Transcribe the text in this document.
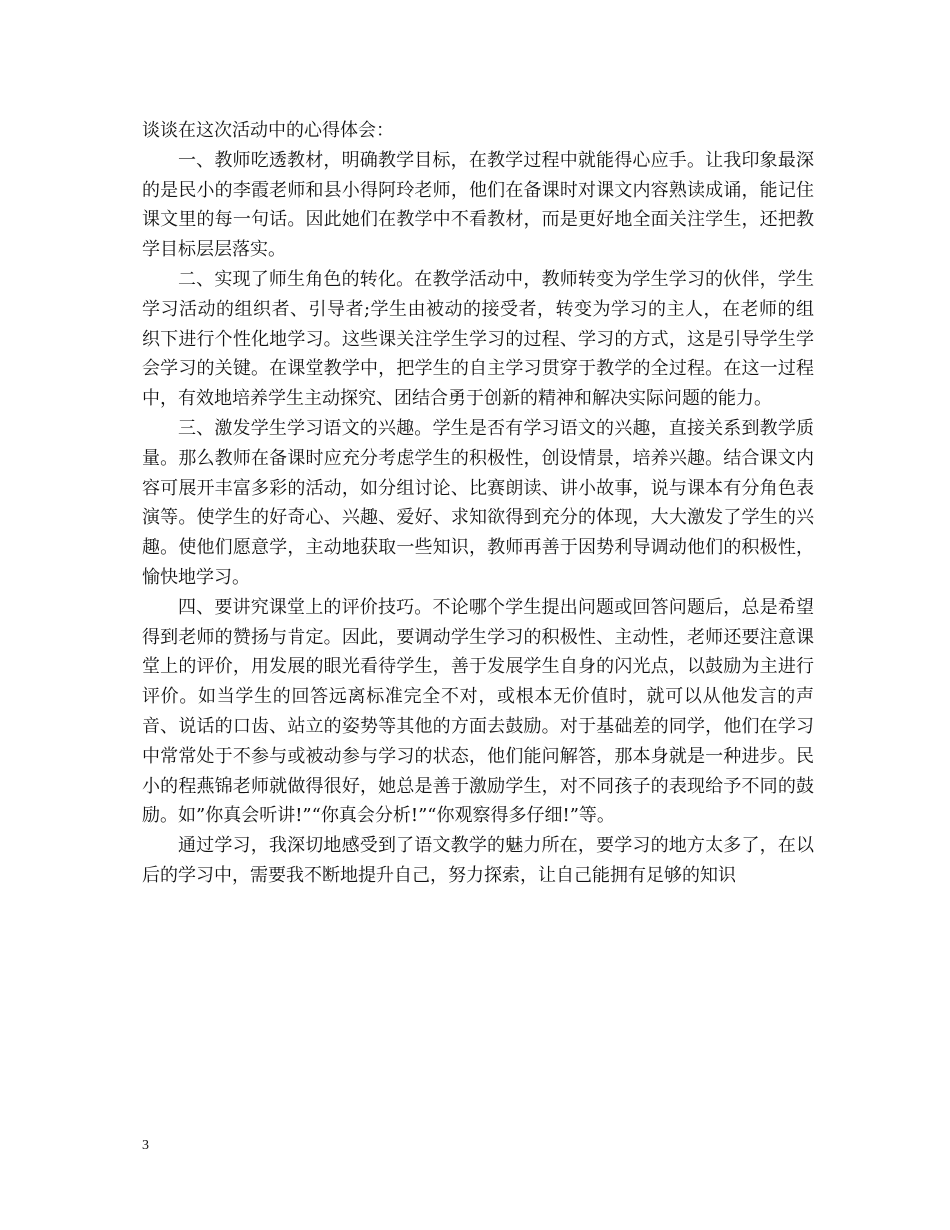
谈谈在这次活动中的心得体会：

一、教师吃透教材，明确教学目标，在教学过程中就能得心应手。让我印象最深的是民小的李霞老师和县小得阿玲老师，他们在备课时对课文内容熟读成诵，能记住课文里的每一句话。因此她们在教学中不看教材，而是更好地全面关注学生，还把教学目标层层落实。

二、实现了师生角色的转化。在教学活动中，教师转变为学生学习的伙伴，学生学习活动的组织者、引导者;学生由被动的接受者，转变为学习的主人，在老师的组织下进行个性化地学习。这些课关注学生学习的过程、学习的方式，这是引导学生学会学习的关键。在课堂教学中，把学生的自主学习贯穿于教学的全过程。在这一过程中，有效地培养学生主动探究、团结合勇于创新的精神和解决实际问题的能力。

三、激发学生学习语文的兴趣。学生是否有学习语文的兴趣，直接关系到教学质量。那么教师在备课时应充分考虑学生的积极性，创设情景，培养兴趣。结合课文内容可展开丰富多彩的活动，如分组讨论、比赛朗读、讲小故事，说与课本有分角色表演等。使学生的好奇心、兴趣、爱好、求知欲得到充分的体现，大大激发了学生的兴趣。使他们愿意学，主动地获取一些知识，教师再善于因势利导调动他们的积极性，愉快地学习。

四、要讲究课堂上的评价技巧。不论哪个学生提出问题或回答问题后，总是希望得到老师的赞扬与肯定。因此，要调动学生学习的积极性、主动性，老师还要注意课堂上的评价，用发展的眼光看待学生，善于发展学生自身的闪光点，以鼓励为主进行评价。如当学生的回答远离标准完全不对，或根本无价值时，就可以从他发言的声音、说话的口齿、站立的姿势等其他的方面去鼓励。对于基础差的同学，他们在学习中常常处于不参与或被动参与学习的状态，他们能问解答，那本身就是一种进步。民小的程燕锦老师就做得很好，她总是善于激励学生，对不同孩子的表现给予不同的鼓励。如”你真会听讲!”“你真会分析!”“你观察得多仔细!”等。

通过学习，我深切地感受到了语文教学的魅力所在，要学习的地方太多了，在以后的学习中，需要我不断地提升自己，努力探索，让自己能拥有足够的知识

3
